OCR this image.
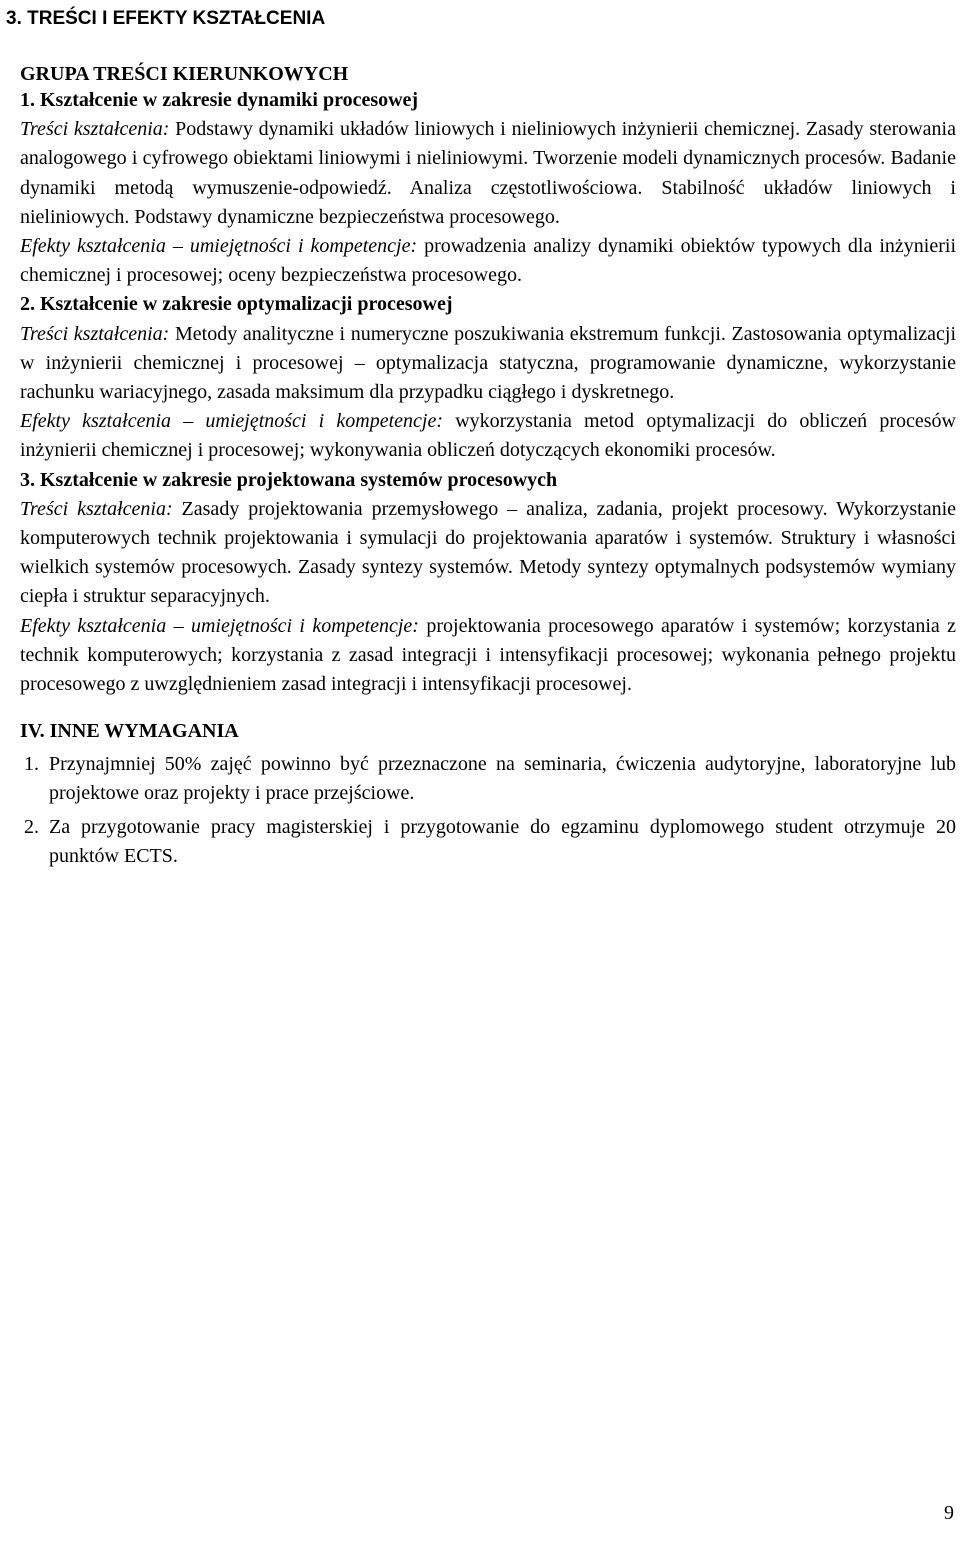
3. TREŚCI I EFEKTY KSZTAŁCENIA
GRUPA TREŚCI KIERUNKOWYCH
1. Kształcenie w zakresie dynamiki procesowej

Treści kształcenia: Podstawy dynamiki układów liniowych i nieliniowych inżynierii chemicznej. Zasady sterowania analogowego i cyfrowego obiektami liniowymi i nieliniowymi. Tworzenie modeli dynamicznych procesów. Badanie dynamiki metodą wymuszenie-odpowiedź. Analiza częstotliwościowa. Stabilność układów liniowych i nieliniowych. Podstawy dynamiczne bezpieczeństwa procesowego.

Efekty kształcenia – umiejętności i kompetencje: prowadzenia analizy dynamiki obiektów typowych dla inżynierii chemicznej i procesowej; oceny bezpieczeństwa procesowego.

2. Kształcenie w zakresie optymalizacji procesowej

Treści kształcenia: Metody analityczne i numeryczne poszukiwania ekstremum funkcji. Zastosowania optymalizacji w inżynierii chemicznej i procesowej – optymalizacja statyczna, programowanie dynamiczne, wykorzystanie rachunku wariacyjnego, zasada maksimum dla przypadku ciągłego i dyskretnego.

Efekty kształcenia – umiejętności i kompetencje: wykorzystania metod optymalizacji do obliczeń procesów inżynierii chemicznej i procesowej; wykonywania obliczeń dotyczących ekonomiki procesów.

3. Kształcenie w zakresie projektowana systemów procesowych

Treści kształcenia: Zasady projektowania przemysłowego – analiza, zadania, projekt procesowy. Wykorzystanie komputerowych technik projektowania i symulacji do projektowania aparatów i systemów. Struktury i własności wielkich systemów procesowych. Zasady syntezy systemów. Metody syntezy optymalnych podsystemów wymiany ciepła i struktur separacyjnych.

Efekty kształcenia – umiejętności i kompetencje: projektowania procesowego aparatów i systemów; korzystania z technik komputerowych; korzystania z zasad integracji i intensyfikacji procesowej; wykonania pełnego projektu procesowego z uwzględnieniem zasad integracji i intensyfikacji procesowej.

IV. INNE WYMAGANIA
1. Przynajmniej 50% zajęć powinno być przeznaczone na seminaria, ćwiczenia audytoryjne, laboratoryjne lub projektowe oraz projekty i prace przejściowe.
2. Za przygotowanie pracy magisterskiej i przygotowanie do egzaminu dyplomowego student otrzymuje 20 punktów ECTS.
9
